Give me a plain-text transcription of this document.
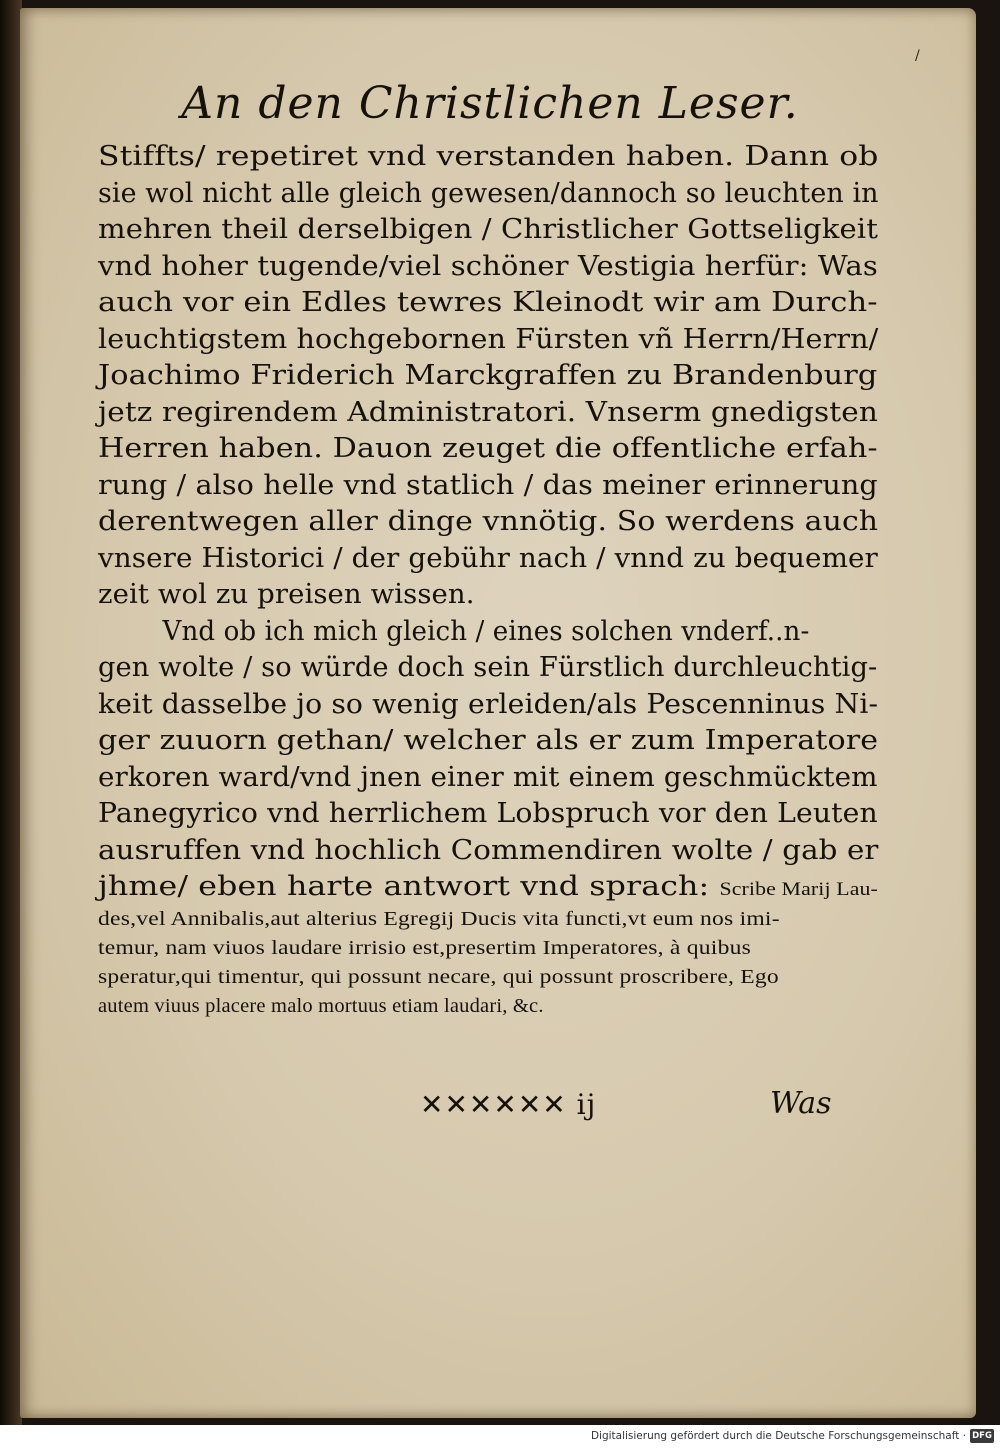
/
An den Christlichen Leser.
Stiffts/ repetiret vnd verstanden haben. Dann ob
sie wol nicht alle gleich gewesen/dannoch so leuchten in
mehren theil derselbigen / Christlicher Gottseligkeit
vnd hoher tugende/viel schöner Vestigia herfür: Was
auch vor ein Edles tewres Kleinodt wir am Durch-
leuchtigstem hochgebornen Fürsten vñ Herrn/Herrn/
Joachimo Friderich Marckgraffen zu Brandenburg
jetz regirendem Administratori. Vnserm gnedigsten
Herren haben. Dauon zeuget die offentliche erfah-
rung / also helle vnd statlich / das meiner erinnerung
derentwegen aller dinge vnnötig. So werdens auch
vnsere Historici / der gebühr nach / vnnd zu bequemer
zeit wol zu preisen wissen.
Vnd ob ich mich gleich / eines solchen vnderf..n-
gen wolte / so würde doch sein Fürstlich durchleuchtig-
keit dasselbe jo so wenig erleiden/als Pescenninus Ni-
ger zuuorn gethan/ welcher als er zum Imperatore
erkoren ward/vnd jnen einer mit einem geschmücktem
Panegyrico vnd herrlichem Lobspruch vor den Leuten
ausruffen vnd hochlich Commendiren wolte / gab er
jhme/ eben harte antwort vnd sprach: Scribe Marij Lau-
des,vel Annibalis,aut alterius Egregij Ducis vita functi,vt eum nos imi-
temur, nam viuos laudare irrisio est,presertim Imperatores, à quibus
speratur,qui timentur, qui possunt necare, qui possunt proscribere, Ego
autem viuus placere malo mortuus etiam laudari, &c.
✕✕✕✕✕✕ ij	Was
Digitalisierung gefördert durch die Deutsche Forschungsgemeinschaft · DFG
